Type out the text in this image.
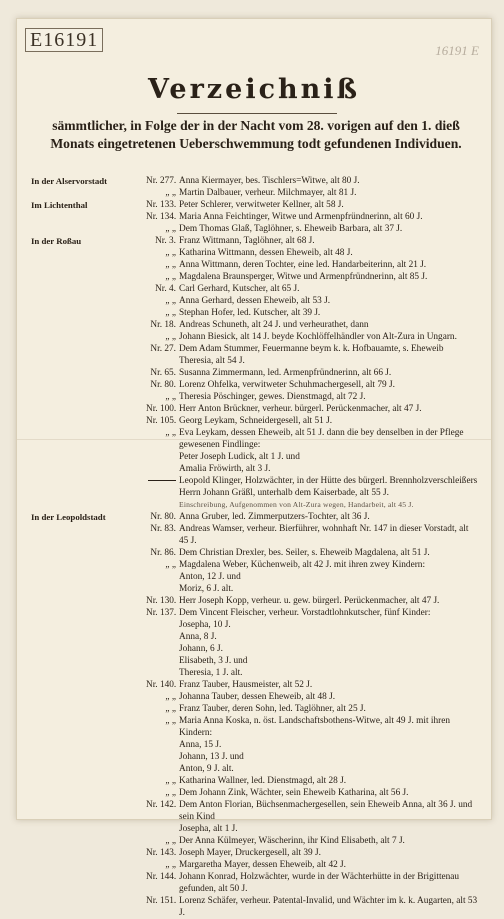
E16191	16191 E
Verzeichniß
sämmtlicher, in Folge der in der Nacht vom 28. vorigen auf den 1. dieß Monats eingetretenen Ueberschwemmung todt gefundenen Individuen.
In der Alservorstadt	Nr. 277. Anna Kiermayer, bes. Tischlers=Witwe, alt 80 J.
„ „ Martin Dalbauer, verheur. Milchmayer, alt 81 J.
Im Lichtenthal	Nr. 133. Peter Schlerer, verwitweter Kellner, alt 58 J.
Nr. 134. Maria Anna Feichtinger, Witwe und Armenpfründnerinn, alt 60 J.
„ „ Dem Thomas Glaß, Taglöhner, s. Eheweib Barbara, alt 37 J.
In der Roßau	Nr. 3. Franz Wittmann, Taglöhner, alt 68 J.
„ „ Katharina Wittmann, dessen Eheweib, alt 48 J.
„ „ Anna Wittmann, deren Tochter, eine led. Handarbeiterinn, alt 21 J.
„ „ Magdalena Braunsperger, Witwe und Armenpfründnerinn, alt 85 J.
Nr. 4. Carl Gerhard, Kutscher, alt 65 J.
„ „ Anna Gerhard, dessen Eheweib, alt 53 J.
„ „ Stephan Hofer, led. Kutscher, alt 39 J.
Nr. 18. Andreas Schuneth, alt 24 J. und verheurathet, dann
„ „ Johann Biesick, alt 14 J. beyde Kochlöffelhändler von Alt-Zura in Ungarn.
Nr. 27. Dem Adam Stummer, Feuermanne beym k. k. Hofbauamte, s. Eheweib Theresia, alt 54 J.
Nr. 65. Susanna Zimmermann, led. Armenpfründnerinn, alt 66 J.
Nr. 80. Lorenz Ohfelka, verwitweter Schuhmachergesell, alt 79 J.
„ „ Theresia Pöschinger, gewes. Dienstmagd, alt 72 J.
Nr. 100. Herr Anton Brückner, verheur. bürgerl. Perückenmacher, alt 47 J.
Nr. 105. Georg Leykam, Schneidergesell, alt 51 J.
„ „ Eva Leykam, dessen Eheweib, alt 51 J. dann die bey denselben in der Pflege gewesenen Findlinge:
Peter Joseph Ludick, alt 1 J. und
Amalia Fröwirth, alt 3 J.
Leopold Klinger, Holzwächter, in der Hütte des bürgerl. Brennholzverschleißers Herrn Johann Gräßl, unterhalb dem Kaiserbade, alt 55 J.
Einschreibung, Aufgenommen von Alt-Zura wegen, Handarbeit, alt 45 J.
In der Leopoldstadt	Nr. 80. Anna Gruber, led. Zimmerputzers-Tochter, alt 36 J.
Nr. 83. Andreas Wamser, verheur. Bierführer, wohnhaft Nr. 147 in dieser Vorstadt, alt 45 J.
Nr. 86. Dem Christian Drexler, bes. Seiler, s. Eheweib Magdalena, alt 51 J.
„ „ Magdalena Weber, Küchenweib, alt 42 J. mit ihren zwey Kindern:
Anton, 12 J. und
Moriz, 6 J. alt.
Nr. 130. Herr Joseph Kopp, verheur. u. gew. bürgerl. Perückenmacher, alt 47 J.
Nr. 137. Dem Vincent Fleischer, verheur. Vorstadtlohnkutscher, fünf Kinder:
Josepha, 10 J.
Anna, 8 J.
Johann, 6 J.
Elisabeth, 3 J. und
Theresia, 1 J. alt.
Nr. 140. Franz Tauber, Hausmeister, alt 52 J.
„ „ Johanna Tauber, dessen Eheweib, alt 48 J.
„ „ Franz Tauber, deren Sohn, led. Taglöhner, alt 25 J.
„ „ Maria Anna Koska, n. öst. Landschaftsbothens-Witwe, alt 49 J. mit ihren Kindern:
Anna, 15 J.
Johann, 13 J. und
Anton, 9 J. alt.
„ „ Katharina Wallner, led. Dienstmagd, alt 28 J.
„ „ Dem Johann Zink, Wächter, sein Eheweib Katharina, alt 56 J.
Nr. 142. Dem Anton Florian, Büchsenmachergesellen, sein Eheweib Anna, alt 36 J. und sein Kind
Josepha, alt 1 J.
„ „ Der Anna Külmeyer, Wäscherinn, ihr Kind Elisabeth, alt 7 J.
Nr. 143. Joseph Mayer, Druckergesell, alt 39 J.
„ „ Margaretha Mayer, dessen Eheweib, alt 42 J.
Nr. 144. Johann Konrad, Holzwächter, wurde in der Wächterhütte in der Brigittenau gefunden, alt 50 J.
Nr. 151. Lorenz Schäfer, verheur. Patental-Invalid, und Wächter im k. k. Augarten, alt 53 J.
